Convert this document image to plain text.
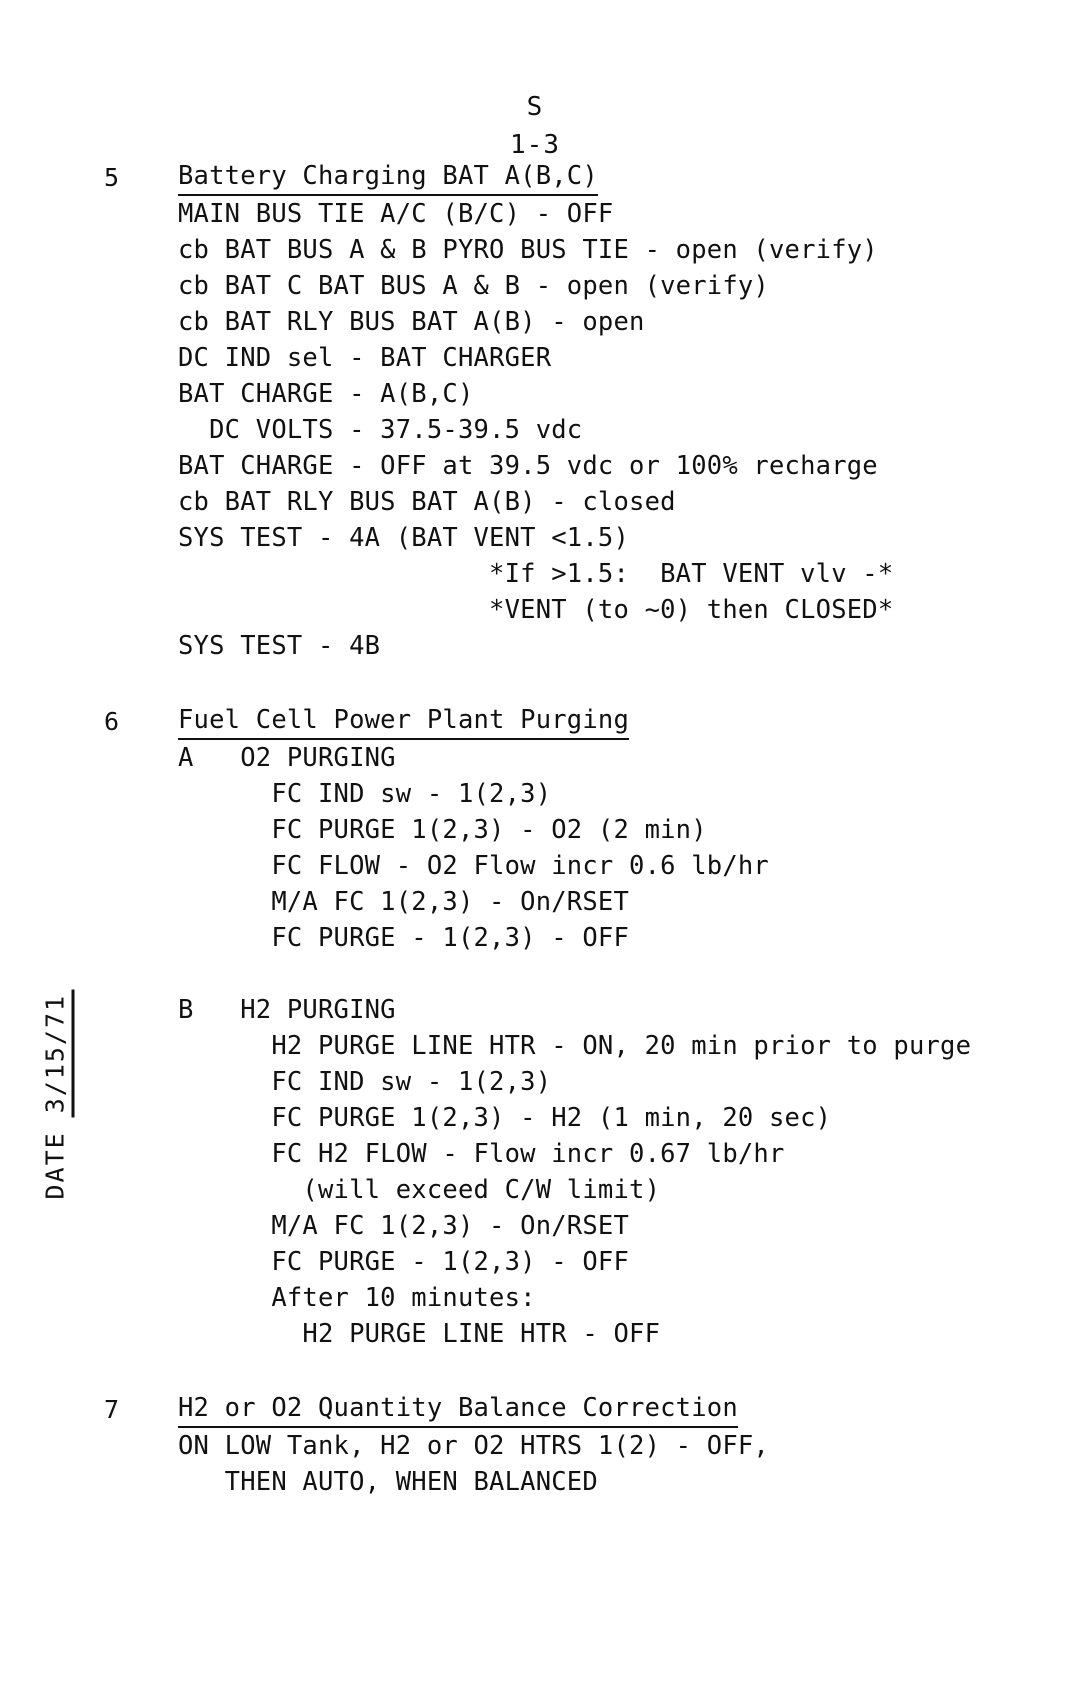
S
1-3
DATE3/15/71
5 Battery Charging BAT A(B,C)
MAIN BUS TIE A/C (B/C) - OFF
cb BAT BUS A & B PYRO BUS TIE - open (verify)
cb BAT C BAT BUS A & B - open (verify)
cb BAT RLY BUS BAT A(B) - open
DC IND sel - BAT CHARGER
BAT CHARGE - A(B,C)
DC VOLTS - 37.5-39.5 vdc
BAT CHARGE - OFF at 39.5 vdc or 100% recharge
cb BAT RLY BUS BAT A(B) - closed
SYS TEST - 4A (BAT VENT <1.5)
*If >1.5:  BAT VENT vlv -*
*VENT (to ~0) then CLOSED*
SYS TEST - 4B
6 Fuel Cell Power Plant Purging
A   O2 PURGING
FC IND sw - 1(2,3)
FC PURGE 1(2,3) - O2 (2 min)
FC FLOW - O2 Flow incr 0.6 lb/hr
M/A FC 1(2,3) - On/RSET
FC PURGE - 1(2,3) - OFF

B   H2 PURGING
H2 PURGE LINE HTR - ON, 20 min prior to purge
FC IND sw - 1(2,3)
FC PURGE 1(2,3) - H2 (1 min, 20 sec)
FC H2 FLOW - Flow incr 0.67 lb/hr
(will exceed C/W limit)
M/A FC 1(2,3) - On/RSET
FC PURGE - 1(2,3) - OFF
After 10 minutes:
H2 PURGE LINE HTR - OFF
7 H2 or O2 Quantity Balance Correction
ON LOW Tank, H2 or O2 HTRS 1(2) - OFF,
THEN AUTO, WHEN BALANCED
